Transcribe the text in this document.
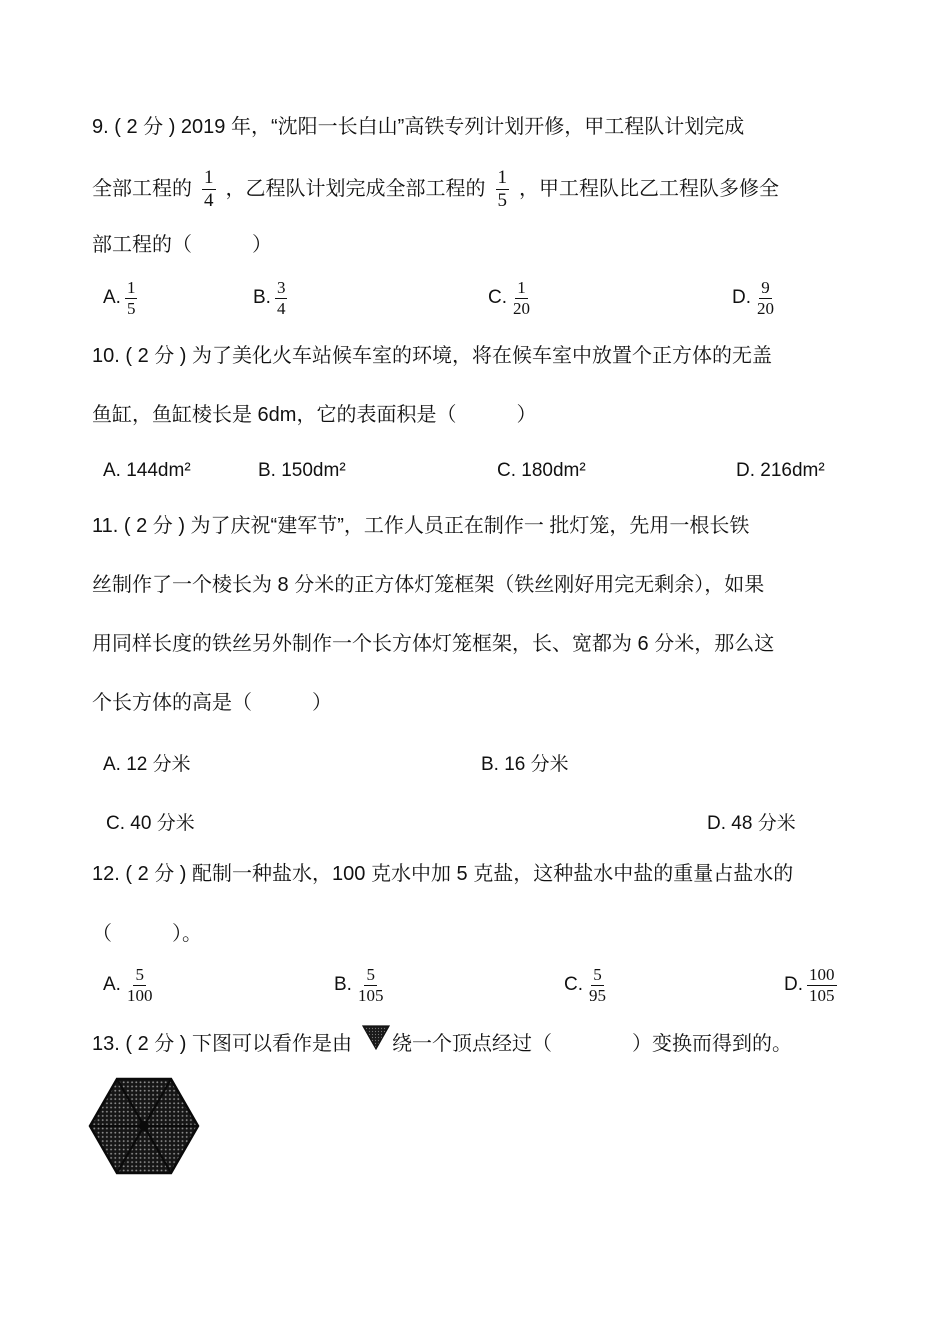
9. ( 2 分 ) 2019 年，“沈阳一长白山”高铁专列计划开修，甲工程队计划完成
全部工程的 $\frac{1}{4}$ ，乙程队计划完成全部工程的 $\frac{1}{5}$ ，甲工程队比乙工程队多修全
部工程的（　　　）
A. $\frac{1}{5}$	B. $\frac{3}{4}$	C. $\frac{1}{20}$	D. $\frac{9}{20}$
10. ( 2 分 ) 为了美化火车站候车室的环境，将在候车室中放置个正方体的无盖
鱼缸，鱼缸棱长是 6dm，它的表面积是（　　　）
A. 144dm²	B. 150dm²	C. 180dm²	D. 216dm²
11. ( 2 分 ) 为了庆祝“建军节”，工作人员正在制作一 批灯笼，先用一根长铁
丝制作了一个棱长为 8 分米的正方体灯笼框架（铁丝刚好用完无剩余），如果
用同样长度的铁丝另外制作一个长方体灯笼框架，长、宽都为 6 分米，那么这
个长方体的高是（　　　）
A. 12 分米	B. 16 分米
C. 40 分米	D. 48 分米
12. ( 2 分 ) 配制一种盐水，100 克水中加 5 克盐，这种盐水中盐的重量占盐水的
（　　　）。
A. $\frac{5}{100}$	B. $\frac{5}{105}$	C. $\frac{5}{95}$	D. $\frac{100}{105}$
13. ( 2 分 ) 下图可以看作是由 绕一个顶点经过（　　　　）变换而得到的。
